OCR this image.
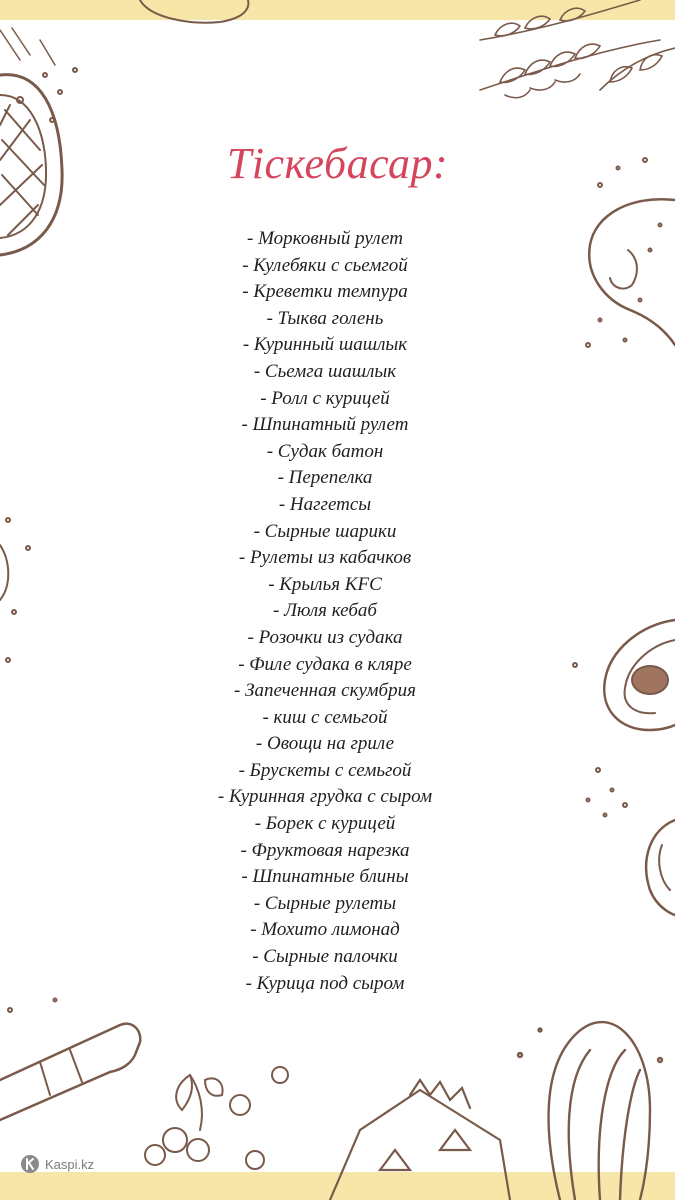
Тіскебасар:
- Морковный рулет
- Кулебяки с сьемгой
- Креветки темпура
- Тыква голень
- Куринный шашлык
- Сьемга шашлык
- Ролл с курицей
- Шпинатный рулет
- Судак батон
- Перепелка
- Наггетсы
- Сырные шарики
- Рулеты из кабачков
- Крылья KFC
- Люля кебаб
- Розочки из судака
- Филе судака в кляре
- Запеченная скумбрия
- киш с семьгой
- Овощи на гриле
- Брускеты с семьгой
- Куринная грудка с сыром
- Борек с курицей
- Фруктовая нарезка
- Шпинатные блины
- Сырные рулеты
- Мохито лимонад
- Сырные палочки
- Курица под сыром
Kaspi.kz
